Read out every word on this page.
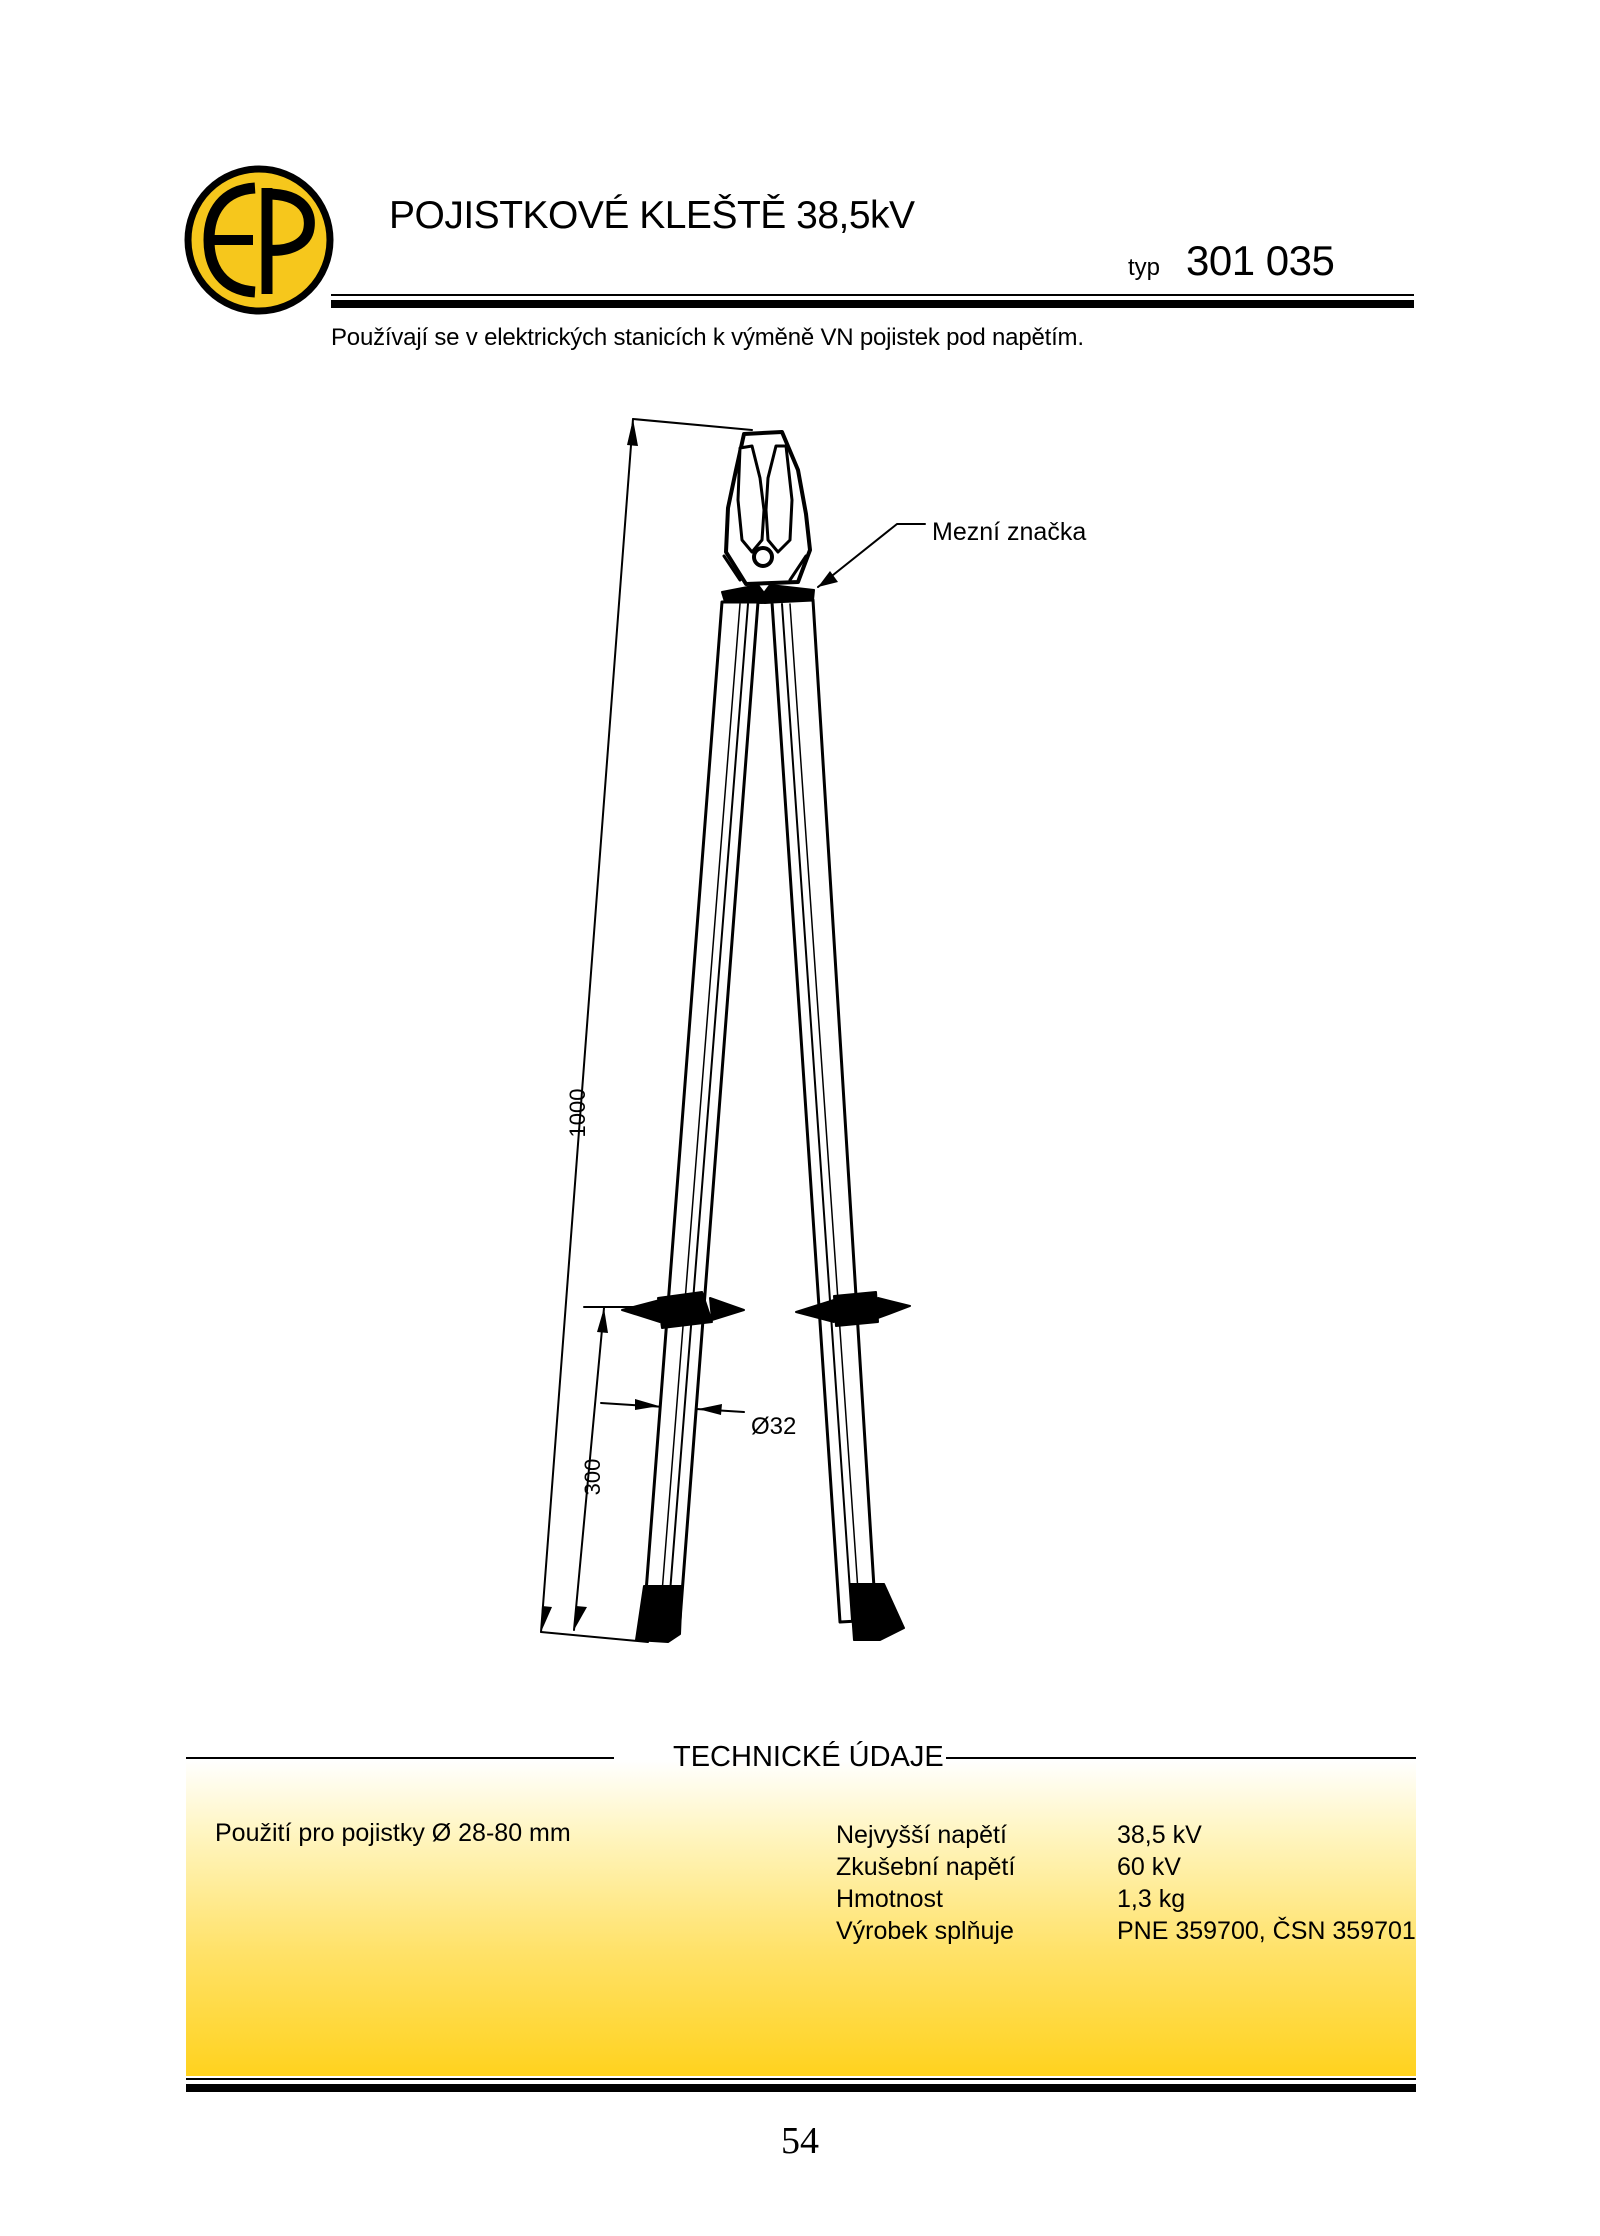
POJISTKOVÉ KLEŠTĚ 38,5kV
typ 301 035
Používají se v elektrických stanicích k výměně VN pojistek pod napětím.
Mezní značka
1000
300
Ø32
TECHNICKÉ ÚDAJE
Použití pro pojistky Ø 28-80 mm	Nejvyšší napětí	38,5 kV
Zkušební napětí	60 kV
Hmotnost	1,3 kg
Výrobek splňuje	PNE 359700, ČSN 359701
54
